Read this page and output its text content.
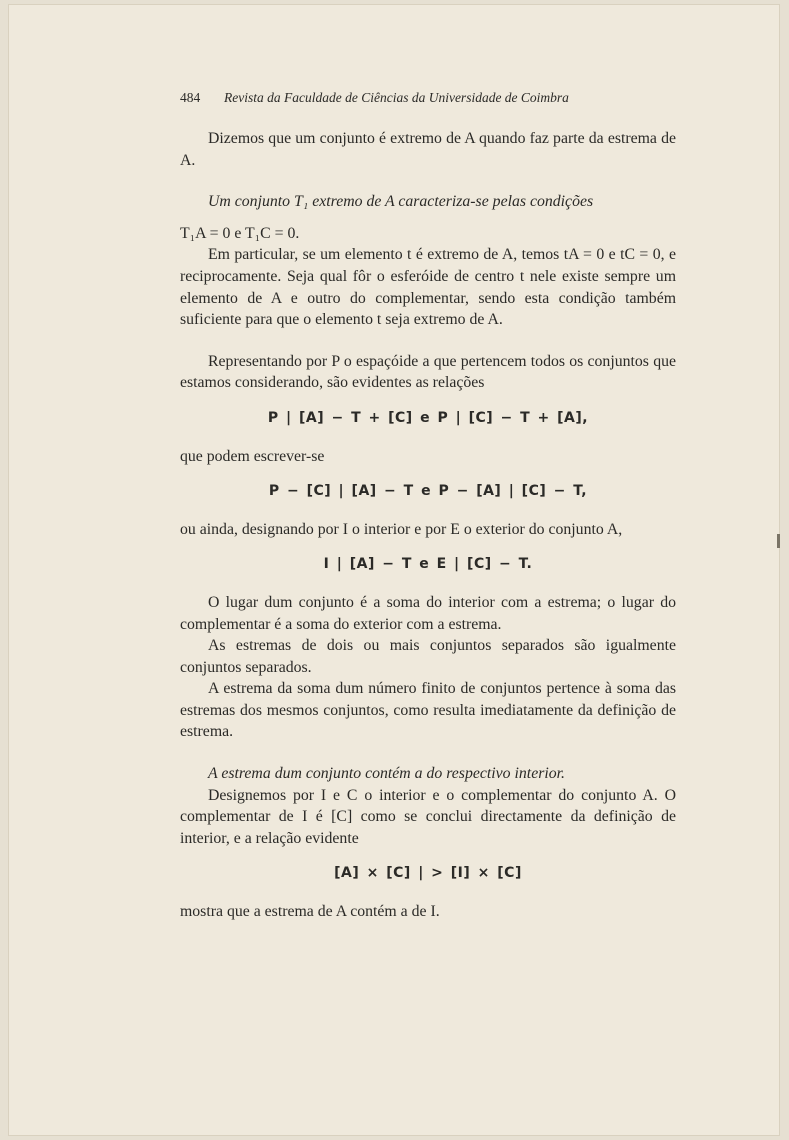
484 Revista da Faculdade de Ciências da Universidade de Coimbra

Dizemos que um conjunto é extremo de A quando faz parte da estrema de A.

Um conjunto T₁ extremo de A caracteriza-se pelas condições

T₁A = 0 e T₁C = 0.

Em particular, se um elemento t é extremo de A, temos tA = 0 e tC = 0, e reciprocamente. Seja qual fôr o esferóide de centro t nele existe sempre um elemento de A e outro do complementar, sendo esta condição também suficiente para que o elemento t seja extremo de A.

Representando por P o espaçóide a que pertencem todos os conjuntos que estamos considerando, são evidentes as relações

P | [A] − T + [C] e P | [C] − T + [A],

que podem escrever-se

P − [C] | [A] − T e P − [A] | [C] − T,

ou ainda, designando por I o interior e por E o exterior do conjunto A,

I | [A] − T e E | [C] − T.

O lugar dum conjunto é a soma do interior com a estrema; o lugar do complementar é a soma do exterior com a estrema.

As estremas de dois ou mais conjuntos separados são igualmente conjuntos separados.

A estrema da soma dum número finito de conjuntos pertence à soma das estremas dos mesmos conjuntos, como resulta imediatamente da definição de estrema.

A estrema dum conjunto contém a do respectivo interior.

Designemos por I e C o interior e o complementar do conjunto A. O complementar de I é [C] como se conclui directamente da definição de interior, e a relação evidente

[A] × [C] | > [I] × [C]

mostra que a estrema de A contém a de I.
